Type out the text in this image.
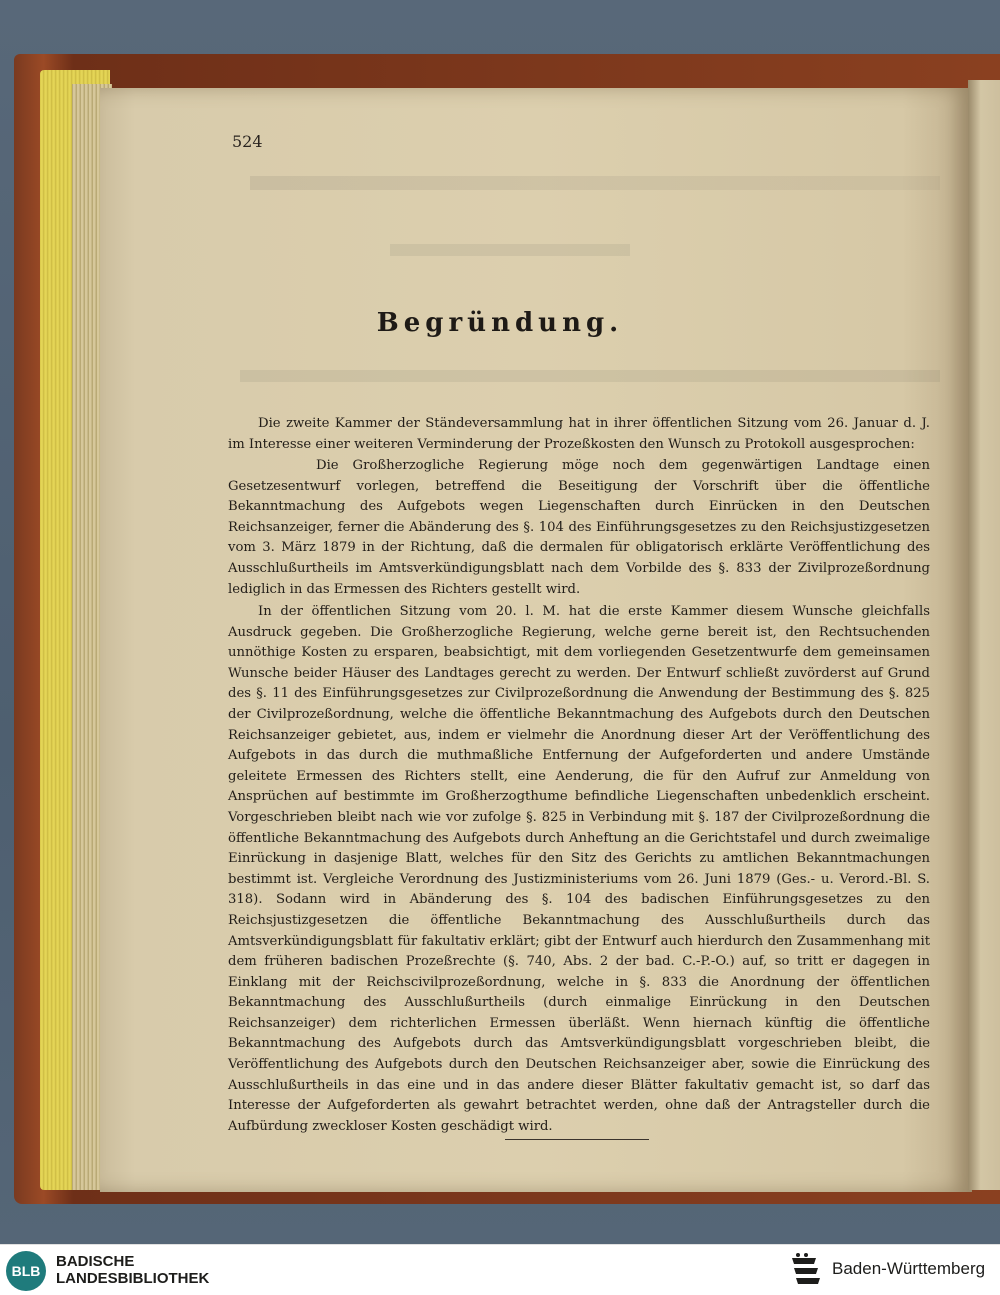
524
Begründung.
Die zweite Kammer der Ständeversammlung hat in ihrer öffentlichen Sitzung vom 26. Januar d. J. im Interesse einer weiteren Verminderung der Prozeßkosten den Wunsch zu Protokoll ausgesprochen:
Die Großherzogliche Regierung möge noch dem gegenwärtigen Landtage einen Gesetzesentwurf vorlegen, betreffend die Beseitigung der Vorschrift über die öffentliche Bekanntmachung des Aufgebots wegen Liegenschaften durch Einrücken in den Deutschen Reichsanzeiger, ferner die Abänderung des §. 104 des Einführungsgesetzes zu den Reichsjustizgesetzen vom 3. März 1879 in der Richtung, daß die dermalen für obligatorisch erklärte Veröffentlichung des Ausschlußurtheils im Amtsverkündigungsblatt nach dem Vorbilde des §. 833 der Zivilprozeßordnung lediglich in das Ermessen des Richters gestellt wird.
In der öffentlichen Sitzung vom 20. l. M. hat die erste Kammer diesem Wunsche gleichfalls Ausdruck gegeben. Die Großherzogliche Regierung, welche gerne bereit ist, den Rechtsuchenden unnöthige Kosten zu ersparen, beabsichtigt, mit dem vorliegenden Gesetzentwurfe dem gemeinsamen Wunsche beider Häuser des Landtages gerecht zu werden. Der Entwurf schließt zuvörderst auf Grund des §. 11 des Einführungsgesetzes zur Civilprozeßordnung die Anwendung der Bestimmung des §. 825 der Civilprozeßordnung, welche die öffentliche Bekanntmachung des Aufgebots durch den Deutschen Reichsanzeiger gebietet, aus, indem er vielmehr die Anordnung dieser Art der Veröffentlichung des Aufgebots in das durch die muthmaßliche Entfernung der Aufgeforderten und andere Umstände geleitete Ermessen des Richters stellt, eine Aenderung, die für den Aufruf zur Anmeldung von Ansprüchen auf bestimmte im Großherzogthume befindliche Liegenschaften unbedenklich erscheint. Vorgeschrieben bleibt nach wie vor zufolge §. 825 in Verbindung mit §. 187 der Civilprozeßordnung die öffentliche Bekanntmachung des Aufgebots durch Anheftung an die Gerichtstafel und durch zweimalige Einrückung in dasjenige Blatt, welches für den Sitz des Gerichts zu amtlichen Bekanntmachungen bestimmt ist. Vergleiche Verordnung des Justizministeriums vom 26. Juni 1879 (Ges.- u. Verord.-Bl. S. 318). Sodann wird in Abänderung des §. 104 des badischen Einführungsgesetzes zu den Reichsjustizgesetzen die öffentliche Bekanntmachung des Ausschlußurtheils durch das Amtsverkündigungsblatt für fakultativ erklärt; gibt der Entwurf auch hierdurch den Zusammenhang mit dem früheren badischen Prozeßrechte (§. 740, Abs. 2 der bad. C.-P.-O.) auf, so tritt er dagegen in Einklang mit der Reichscivilprozeßordnung, welche in §. 833 die Anordnung der öffentlichen Bekanntmachung des Ausschlußurtheils (durch einmalige Einrückung in den Deutschen Reichsanzeiger) dem richterlichen Ermessen überläßt. Wenn hiernach künftig die öffentliche Bekanntmachung des Aufgebots durch das Amtsverkündigungsblatt vorgeschrieben bleibt, die Veröffentlichung des Aufgebots durch den Deutschen Reichsanzeiger aber, sowie die Einrückung des Ausschlußurtheils in das eine und in das andere dieser Blätter fakultativ gemacht ist, so darf das Interesse der Aufgeforderten als gewahrt betrachtet werden, ohne daß der Antragsteller durch die Aufbürdung zweckloser Kosten geschädigt wird.
BLB
BADISCHE
LANDESBIBLIOTHEK
Baden-Württemberg
